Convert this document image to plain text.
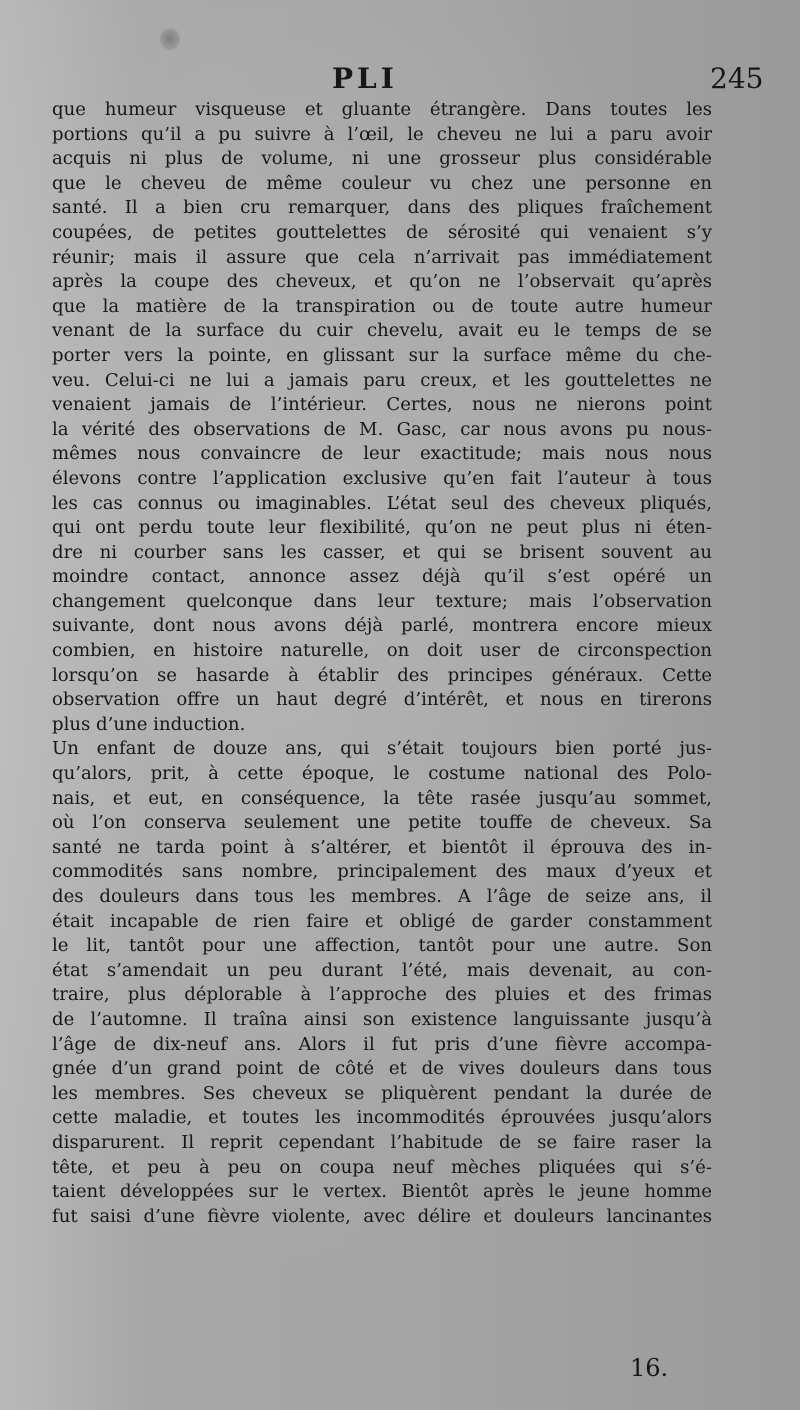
PLI	245
que humeur visqueuse et gluante étrangère. Dans toutes les
portions qu’il a pu suivre à l’œil, le cheveu ne lui a paru avoir
acquis ni plus de volume, ni une grosseur plus considérable
que le cheveu de même couleur vu chez une personne en
santé. Il a bien cru remarquer, dans des pliques fraîchement
coupées, de petites gouttelettes de sérosité qui venaient s’y
réunir; mais il assure que cela n’arrivait pas immédiatement
après la coupe des cheveux, et qu’on ne l’observait qu’après
que la matière de la transpiration ou de toute autre humeur
venant de la surface du cuir chevelu, avait eu le temps de se
porter vers la pointe, en glissant sur la surface même du che-
veu. Celui-ci ne lui a jamais paru creux, et les gouttelettes ne
venaient jamais de l’intérieur. Certes, nous ne nierons point
la vérité des observations de M. Gasc, car nous avons pu nous-
mêmes nous convaincre de leur exactitude; mais nous nous
élevons contre l’application exclusive qu’en fait l’auteur à tous
les cas connus ou imaginables. L’état seul des cheveux pliqués,
qui ont perdu toute leur flexibilité, qu’on ne peut plus ni éten-
dre ni courber sans les casser, et qui se brisent souvent au
moindre contact, annonce assez déjà qu’il s’est opéré un
changement quelconque dans leur texture; mais l’observation
suivante, dont nous avons déjà parlé, montrera encore mieux
combien, en histoire naturelle, on doit user de circonspection
lorsqu’on se hasarde à établir des principes généraux. Cette
observation offre un haut degré d’intérêt, et nous en tirerons
plus d’une induction.
Un enfant de douze ans, qui s’était toujours bien porté jus-
qu’alors, prit, à cette époque, le costume national des Polo-
nais, et eut, en conséquence, la tête rasée jusqu’au sommet,
où l’on conserva seulement une petite touffe de cheveux. Sa
santé ne tarda point à s’altérer, et bientôt il éprouva des in-
commodités sans nombre, principalement des maux d’yeux et
des douleurs dans tous les membres. A l’âge de seize ans, il
était incapable de rien faire et obligé de garder constamment
le lit, tantôt pour une affection, tantôt pour une autre. Son
état s’amendait un peu durant l’été, mais devenait, au con-
traire, plus déplorable à l’approche des pluies et des frimas
de l’automne. Il traîna ainsi son existence languissante jusqu’à
l’âge de dix-neuf ans. Alors il fut pris d’une fièvre accompa-
gnée d’un grand point de côté et de vives douleurs dans tous
les membres. Ses cheveux se pliquèrent pendant la durée de
cette maladie, et toutes les incommodités éprouvées jusqu’alors
disparurent. Il reprit cependant l’habitude de se faire raser la
tête, et peu à peu on coupa neuf mèches pliquées qui s’é-
taient développées sur le vertex. Bientôt après le jeune homme
fut saisi d’une fièvre violente, avec délire et douleurs lancinantes
16.
